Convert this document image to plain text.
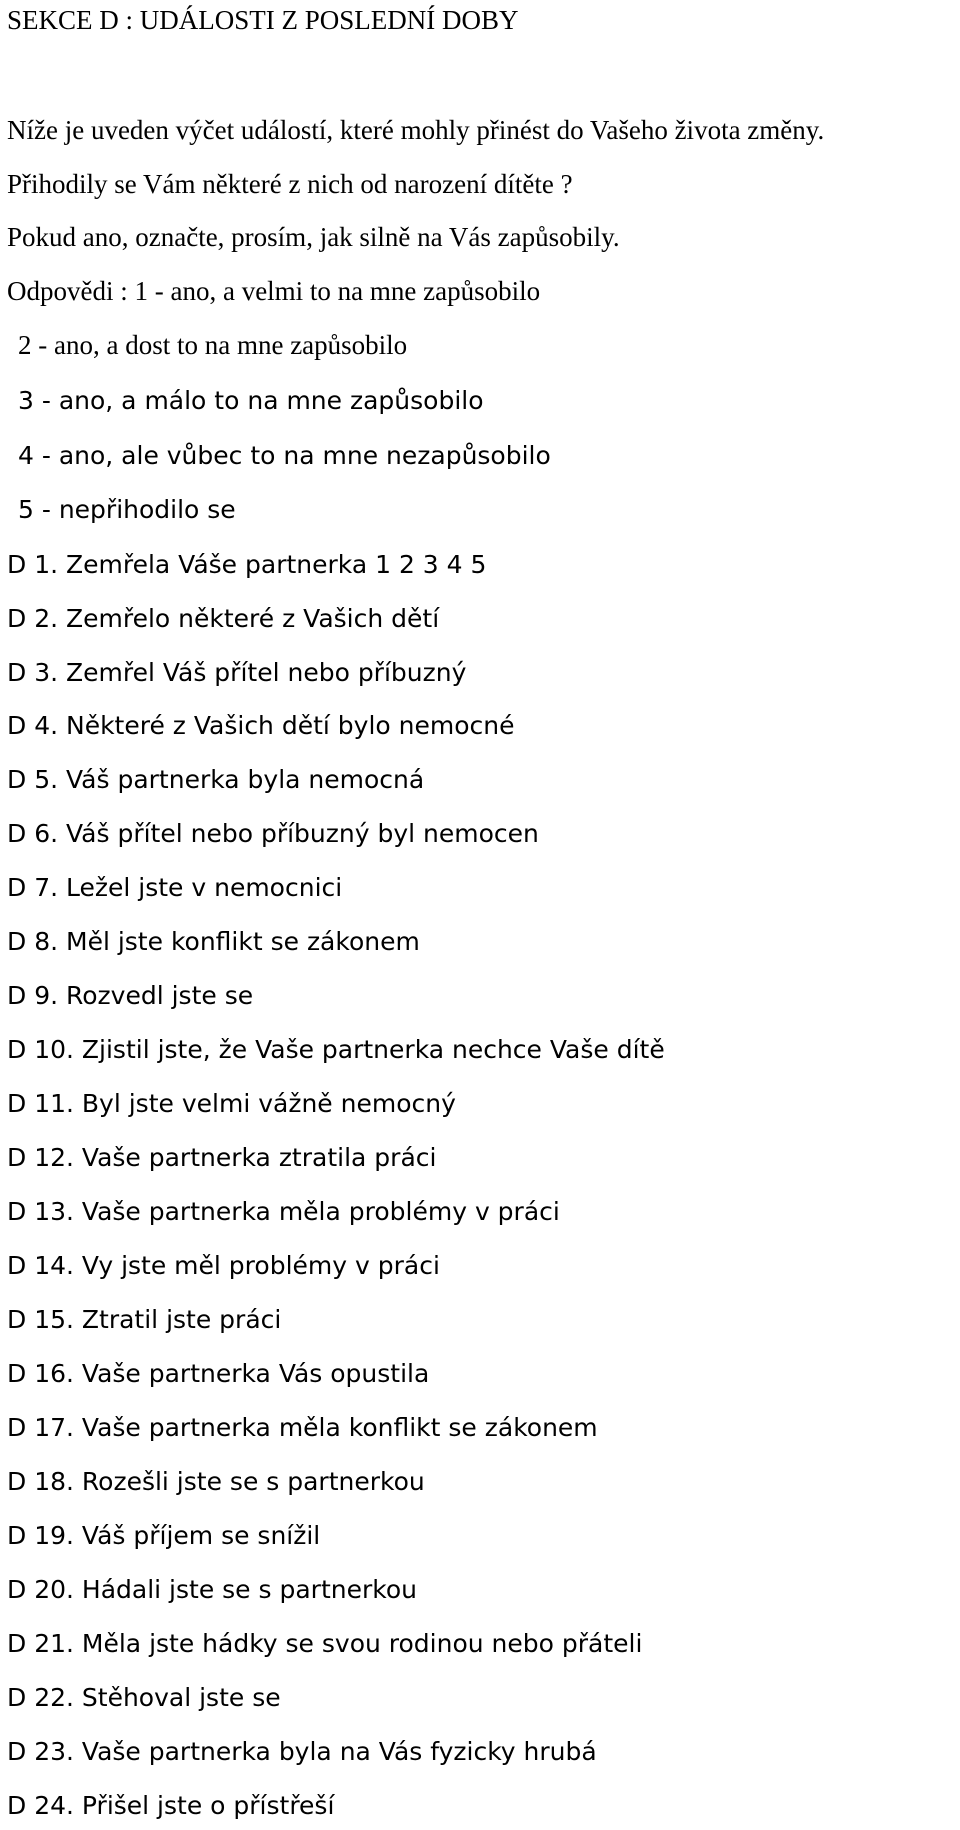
SEKCE D : UDÁLOSTI Z POSLEDNÍ DOBY
Níže je uveden výčet událostí, které mohly přinést do Vašeho života změny.
Přihodily se Vám některé z nich od narození dítěte ?
Pokud ano, označte, prosím, jak silně na Vás zapůsobily.
Odpovědi : 1 - ano, a velmi to na mne zapůsobilo
2 - ano, a dost to na mne zapůsobilo
3 - ano, a málo to na mne zapůsobilo
4 - ano, ale vůbec to na mne nezapůsobilo
5 - nepřihodilo se
D 1. Zemřela Váše partnerka 1 2 3 4 5
D 2. Zemřelo některé z Vašich dětí
D 3. Zemřel Váš přítel nebo příbuzný
D 4. Některé z Vašich dětí bylo nemocné
D 5. Váš partnerka byla nemocná
D 6. Váš přítel nebo příbuzný byl nemocen
D 7. Ležel jste v nemocnici
D 8. Měl jste konflikt se zákonem
D 9. Rozvedl jste se
D 10. Zjistil jste, že Vaše partnerka nechce Vaše dítě
D 11. Byl jste velmi vážně nemocný
D 12. Vaše partnerka ztratila práci
D 13. Vaše partnerka měla problémy v práci
D 14. Vy jste měl problémy v práci
D 15. Ztratil jste práci
D 16. Vaše partnerka Vás opustila
D 17. Vaše partnerka měla konflikt se zákonem
D 18. Rozešli jste se s partnerkou
D 19. Váš příjem se snížil
D 20. Hádali jste se s partnerkou
D 21. Měla jste hádky se svou rodinou nebo přáteli
D 22. Stěhoval jste se
D 23. Vaše partnerka byla na Vás fyzicky hrubá
D 24. Přišel jste o přístřeší
